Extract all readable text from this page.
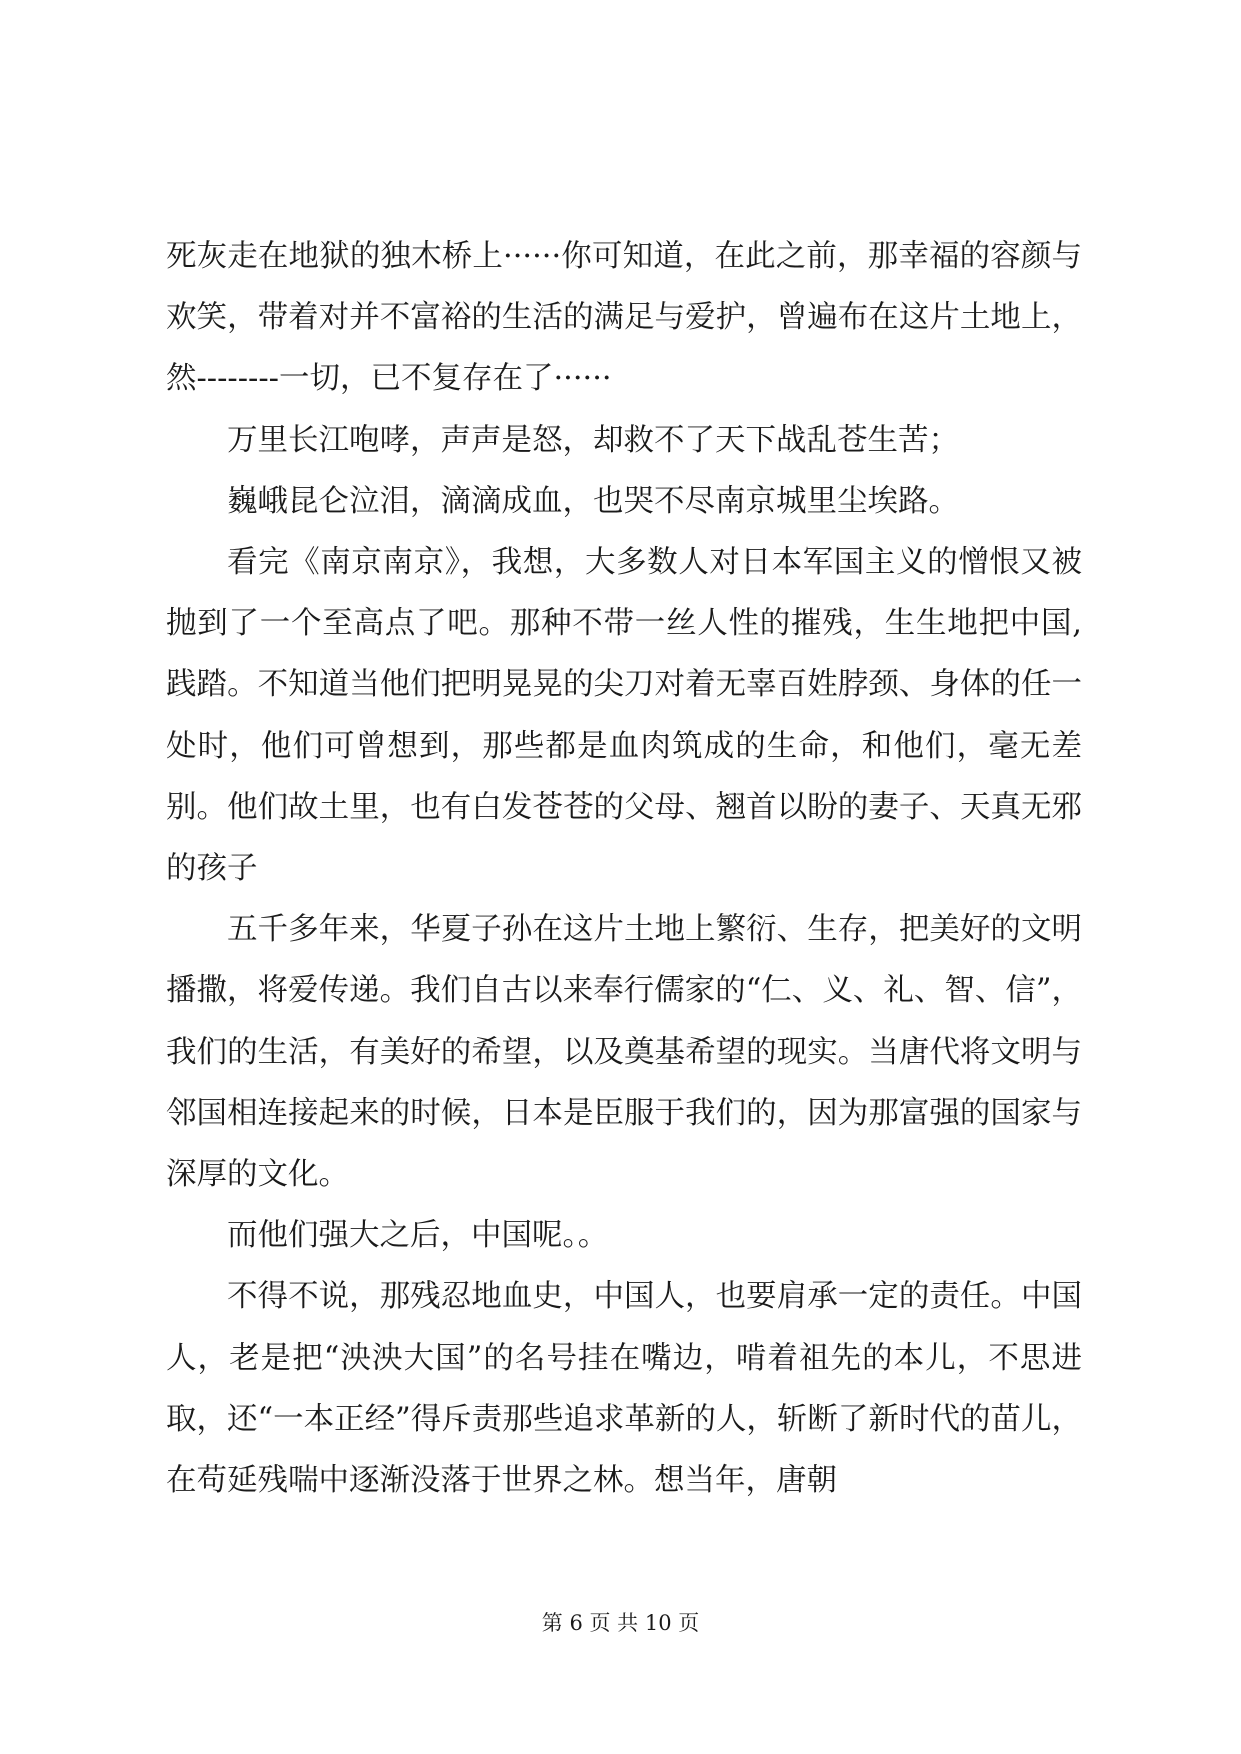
死灰走在地狱的独木桥上······你可知道，在此之前，那幸福的容颜与欢笑，带着对并不富裕的生活的满足与爱护，曾遍布在这片土地上，然--------一切，已不复存在了······

万里长江咆哮，声声是怒，却救不了天下战乱苍生苦；

巍峨昆仑泣泪，滴滴成血，也哭不尽南京城里尘埃路。

看完《南京南京》，我想，大多数人对日本军国主义的憎恨又被抛到了一个至高点了吧。那种不带一丝人性的摧残，生生地把中国,践踏。不知道当他们把明晃晃的尖刀对着无辜百姓脖颈、身体的任一处时，他们可曾想到，那些都是血肉筑成的生命，和他们，毫无差别。他们故土里，也有白发苍苍的父母、翘首以盼的妻子、天真无邪的孩子

五千多年来，华夏子孙在这片土地上繁衍、生存，把美好的文明播撒，将爱传递。我们自古以来奉行儒家的“仁、义、礼、智、信”，我们的生活，有美好的希望，以及奠基希望的现实。当唐代将文明与邻国相连接起来的时候，日本是臣服于我们的，因为那富强的国家与深厚的文化。

而他们强大之后，中国呢。。

不得不说，那残忍地血史，中国人，也要肩承一定的责任。中国人，老是把“泱泱大国”的名号挂在嘴边，啃着祖先的本儿，不思进取，还“一本正经”得斥责那些追求革新的人，斩断了新时代的苗儿，在苟延残喘中逐渐没落于世界之林。想当年，唐朝

第 6 页 共 10 页
